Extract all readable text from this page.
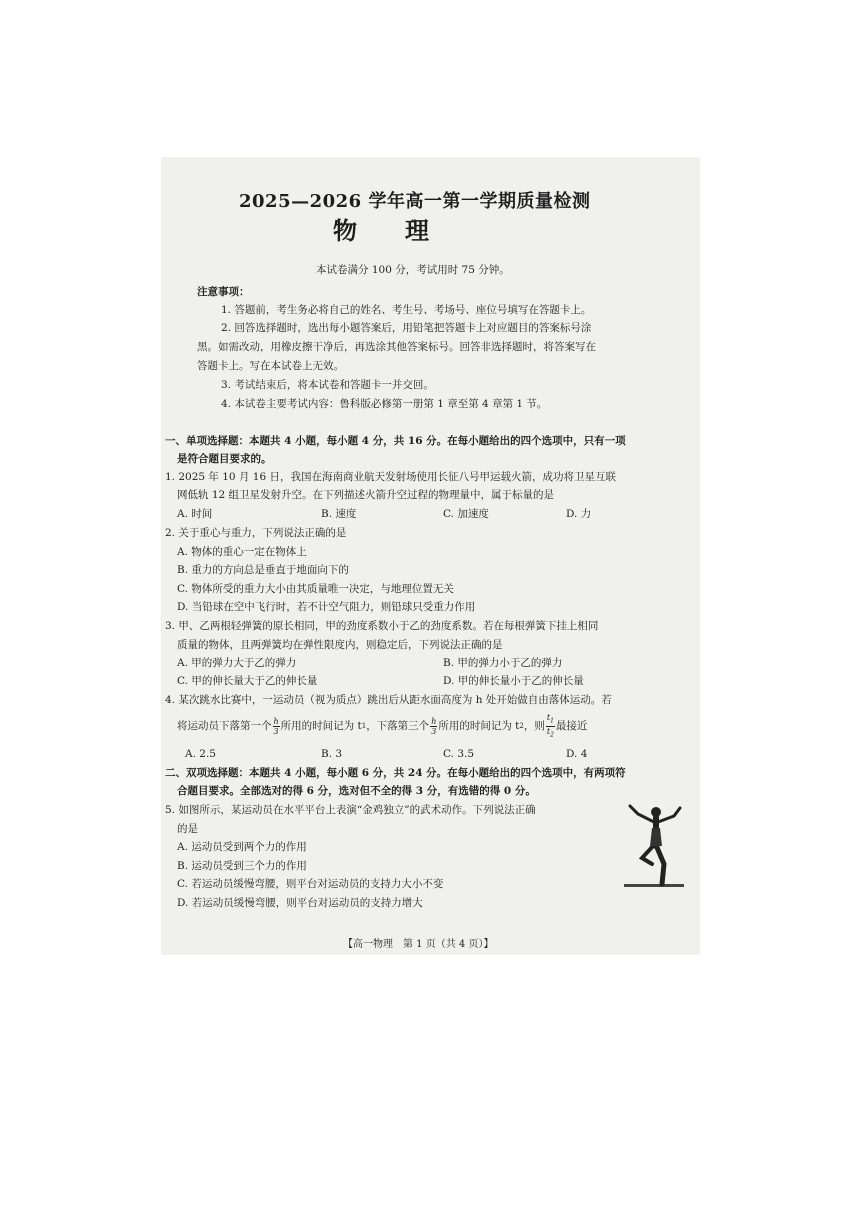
2025—2026 学年高一第一学期质量检测
物理
本试卷满分 100 分，考试用时 75 分钟。
注意事项：
1. 答题前，考生务必将自己的姓名、考生号、考场号、座位号填写在答题卡上。
2. 回答选择题时，选出每小题答案后，用铅笔把答题卡上对应题目的答案标号涂
黑。如需改动，用橡皮擦干净后，再选涂其他答案标号。回答非选择题时，将答案写在
答题卡上。写在本试卷上无效。
3. 考试结束后，将本试卷和答题卡一并交回。
4. 本试卷主要考试内容：鲁科版必修第一册第 1 章至第 4 章第 1 节。
一、单项选择题：本题共 4 小题，每小题 4 分，共 16 分。在每小题给出的四个选项中，只有一项
是符合题目要求的。
1. 2025 年 10 月 16 日，我国在海南商业航天发射场使用长征八号甲运载火箭，成功将卫星互联
网低轨 12 组卫星发射升空。在下列描述火箭升空过程的物理量中，属于标量的是
A. 时间	B. 速度	C. 加速度	D. 力
2. 关于重心与重力，下列说法正确的是
A. 物体的重心一定在物体上
B. 重力的方向总是垂直于地面向下的
C. 物体所受的重力大小由其质量唯一决定，与地理位置无关
D. 当铅球在空中飞行时，若不计空气阻力，则铅球只受重力作用
3. 甲、乙两根轻弹簧的原长相同，甲的劲度系数小于乙的劲度系数。若在每根弹簧下挂上相同
质量的物体，且两弹簧均在弹性限度内，则稳定后，下列说法正确的是
A. 甲的弹力大于乙的弹力	B. 甲的弹力小于乙的弹力
C. 甲的伸长量大于乙的伸长量	D. 甲的伸长量小于乙的伸长量
4. 某次跳水比赛中，一运动员（视为质点）跳出后从距水面高度为 h 处开始做自由落体运动。若
将运动员下落第一个 $\frac{h}{3}$ 所用的时间记为 t 1 ，下落第三个 $\frac{h}{3}$ 所用的时间记为 t 2 ，则 $\frac{t_1}{t_2}$ 最接近
A. 2.5	B. 3	C. 3.5	D. 4
二、双项选择题：本题共 4 小题，每小题 6 分，共 24 分。在每小题给出的四个选项中，有两项符
合题目要求。全部选对的得 6 分，选对但不全的得 3 分，有选错的得 0 分。
5. 如图所示，某运动员在水平平台上表演“金鸡独立”的武术动作。下列说法正确
的是
A. 运动员受到两个力的作用
B. 运动员受到三个力的作用
C. 若运动员缓慢弯腰，则平台对运动员的支持力大小不变
D. 若运动员缓慢弯腰，则平台对运动员的支持力增大
【高一物理　第 1 页（共 4 页）】
